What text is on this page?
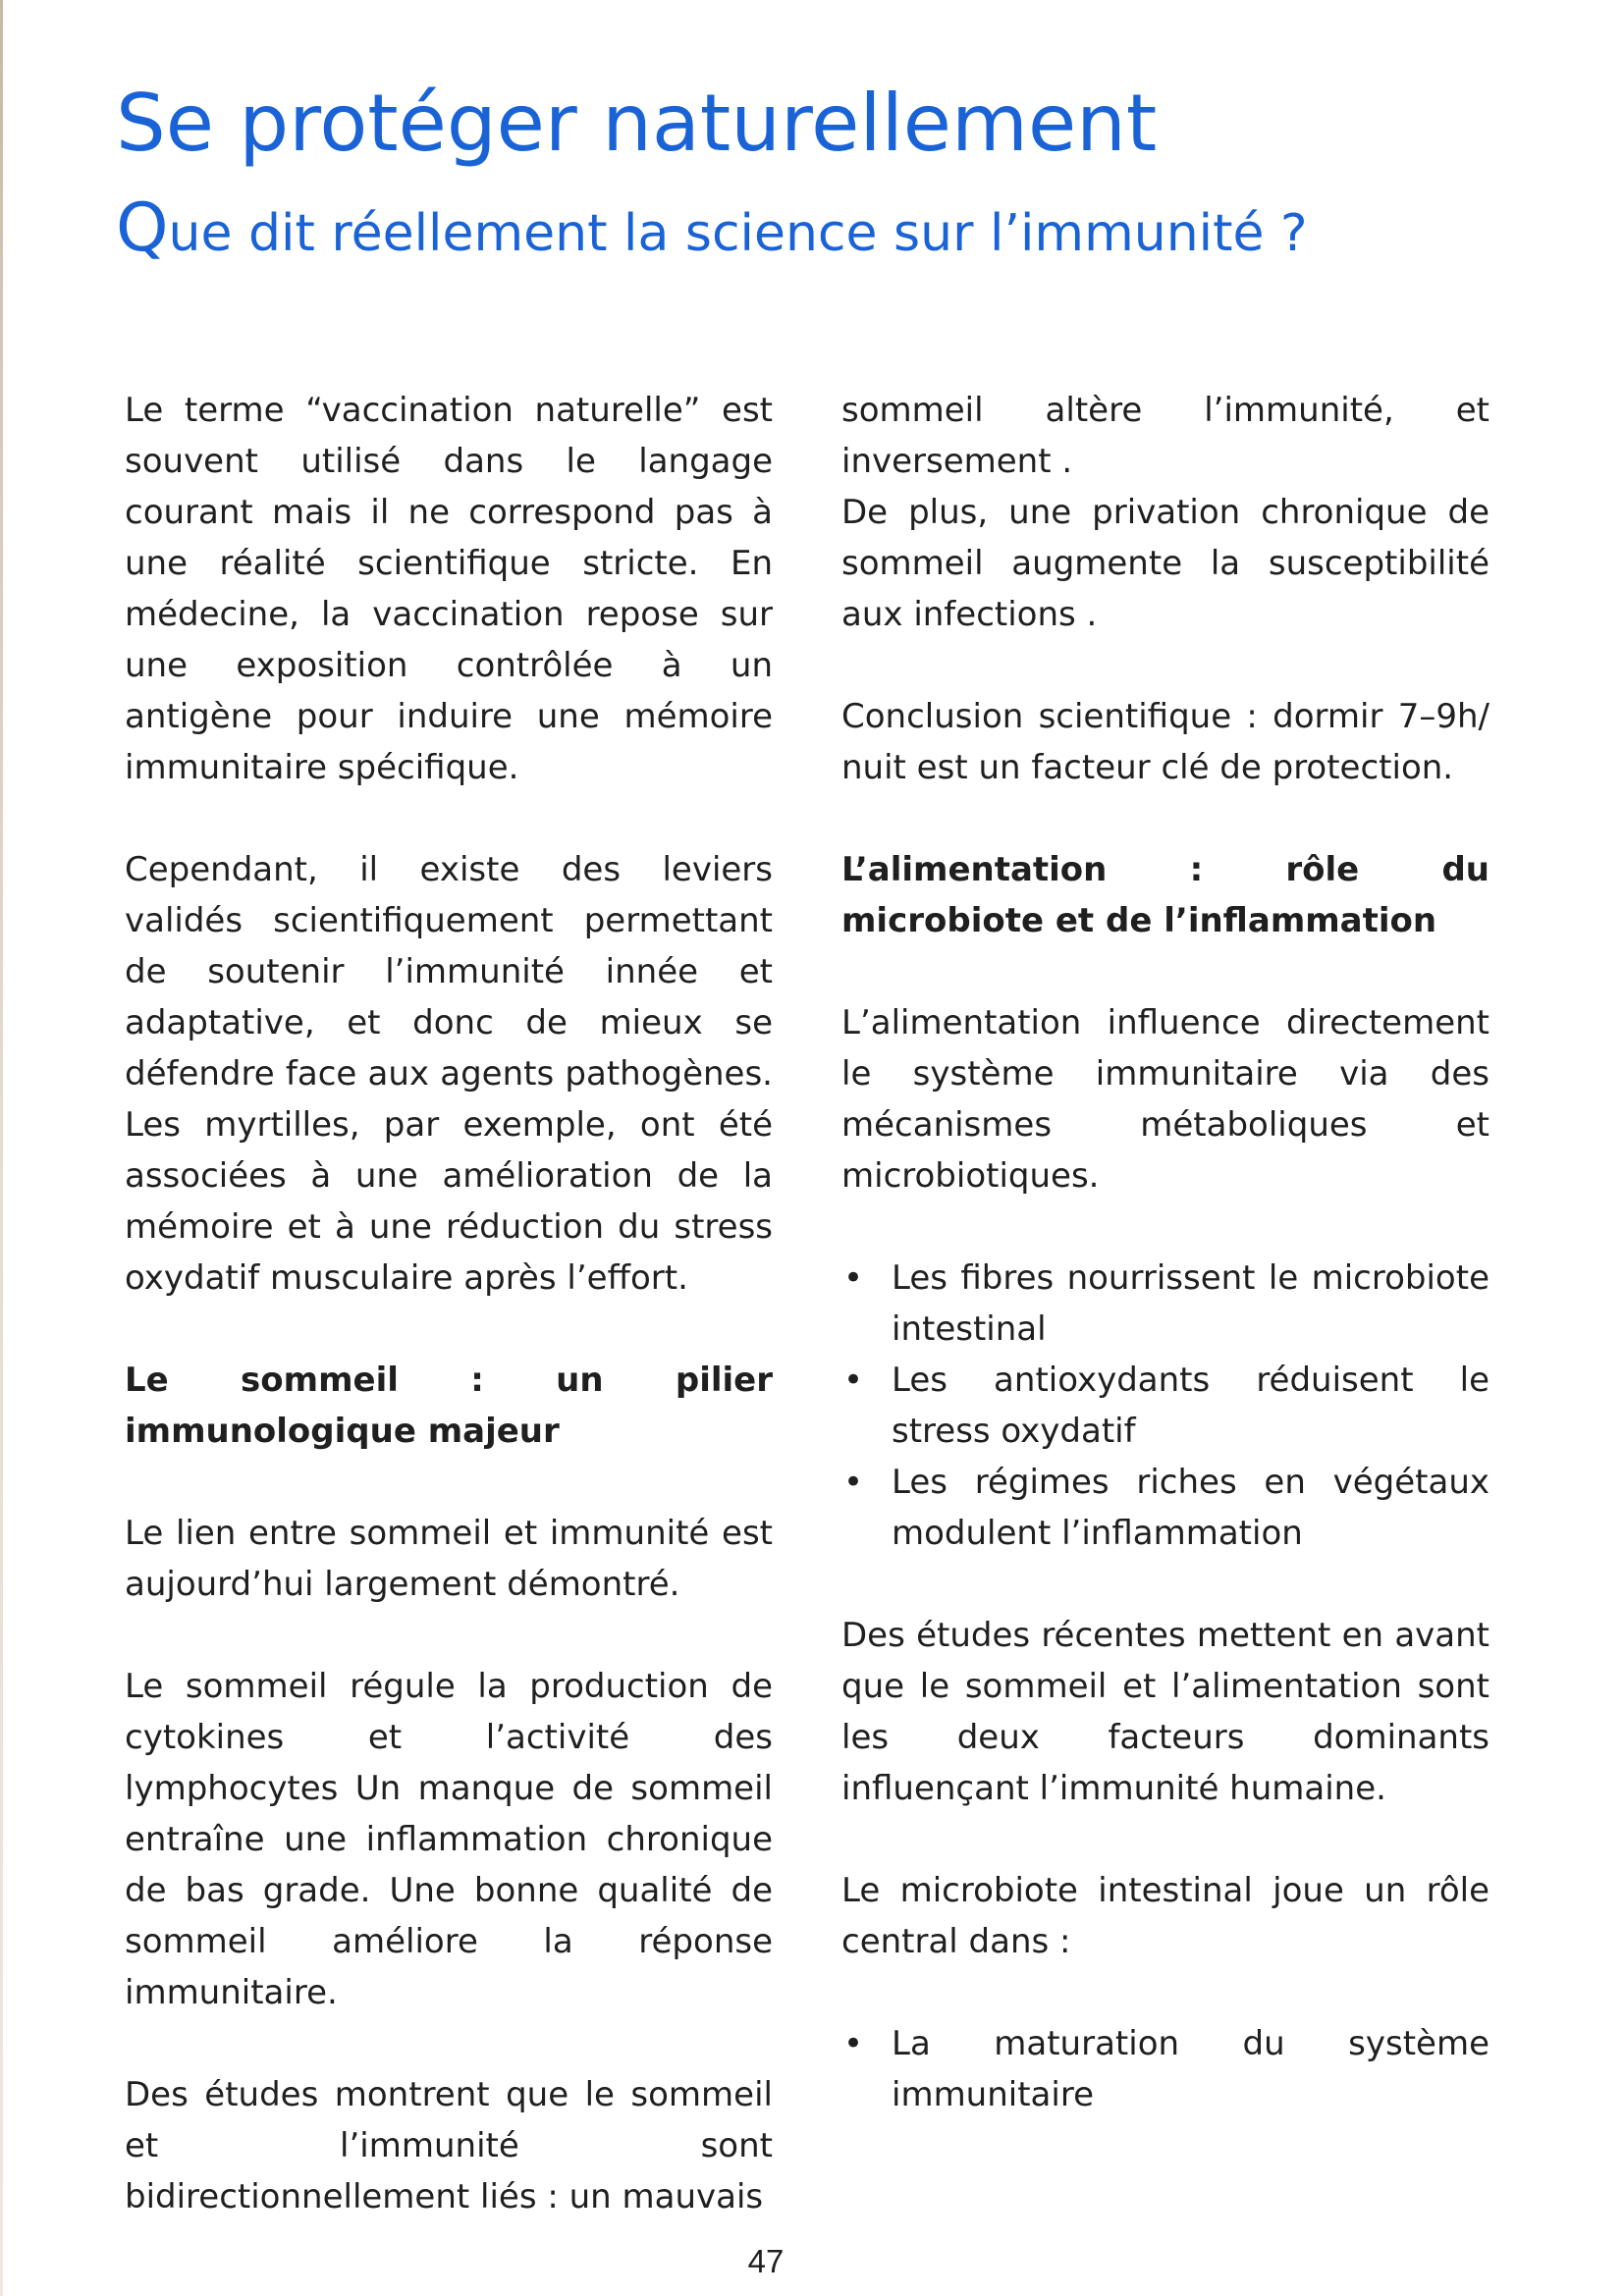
Se protéger naturellement
Que dit réellement la science sur l’immunité ?

Le terme “vaccination naturelle” est souvent utilisé dans le langage courant mais il ne correspond pas à une réalité scientifique stricte. En médecine, la vaccination repose sur une exposition contrôlée à un antigène pour induire une mémoire immunitaire spécifique.

Cependant, il existe des leviers validés scientifiquement permettant de soutenir l’immunité innée et adaptative, et donc de mieux se défendre face aux agents pathogènes. Les myrtilles, par exemple, ont été associées à une amélioration de la mémoire et à une réduction du stress oxydatif musculaire après l’effort.

Le sommeil : un pilier immunologique majeur

Le lien entre sommeil et immunité est aujourd’hui largement démontré.

Le sommeil régule la production de cytokines et l’activité des lymphocytes Un manque de sommeil entraîne une inflammation chronique de bas grade. Une bonne qualité de sommeil améliore la réponse immunitaire.

Des études montrent que le sommeil et l’immunité sont bidirectionnellement liés : un mauvais

sommeil altère l’immunité, et inversement .

De plus, une privation chronique de sommeil augmente la susceptibilité aux infections .

Conclusion scientifique : dormir 7–9h/ nuit est un facteur clé de protection.

L’alimentation : rôle du microbiote et de l’inflammation

L’alimentation influence directement le système immunitaire via des mécanismes métaboliques et microbiotiques.

• Les fibres nourrissent le microbiote intestinal
• Les antioxydants réduisent le stress oxydatif
• Les régimes riches en végétaux modulent l’inflammation

Des études récentes mettent en avant que le sommeil et l’alimentation sont les deux facteurs dominants influençant l’immunité humaine.

Le microbiote intestinal joue un rôle central dans :

• La maturation du système immunitaire
47
